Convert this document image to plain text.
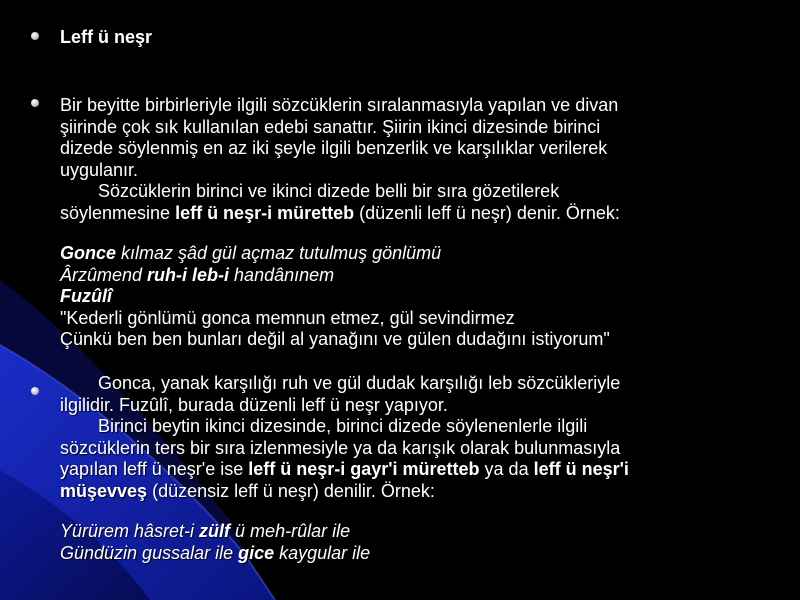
Leff ü neşr
Bir beyitte birbirleriyle ilgili sözcüklerin sıralanmasıyla yapılan ve divan
şiirinde çok sık kullanılan edebi sanattır. Şiirin ikinci dizesinde birinci
dizede söylenmiş en az iki şeyle ilgili benzerlik ve karşılıklar verilerek
uygulanır.
Sözcüklerin birinci ve ikinci dizede belli bir sıra gözetilerek
söylenmesine leff ü neşr-i müretteb (düzenli leff ü neşr) denir. Örnek:
Gonce kılmaz şâd gül açmaz tutulmuş gönlümü
Ârzûmend ruh-i leb-i handânınem
Fuzûlî
"Kederli gönlümü gonca memnun etmez, gül sevindirmez
Çünkü ben ben bunları değil al yanağını ve gülen dudağını istiyorum"
Gonca, yanak karşılığı ruh ve gül dudak karşılığı leb sözcükleriyle
ilgilidir. Fuzûlî, burada düzenli leff ü neşr yapıyor.
Birinci beytin ikinci dizesinde, birinci dizede söylenenlerle ilgili
sözcüklerin ters bir sıra izlenmesiyle ya da karışık olarak bulunmasıyla
yapılan leff ü neşr'e ise leff ü neşr-i gayr'i müretteb ya da leff ü neşr'i
müşevveş (düzensiz leff ü neşr) denilir. Örnek:
Yürürem hâsret-i zülf ü meh-rûlar ile
Gündüzin gussalar ile gice kaygular ile
